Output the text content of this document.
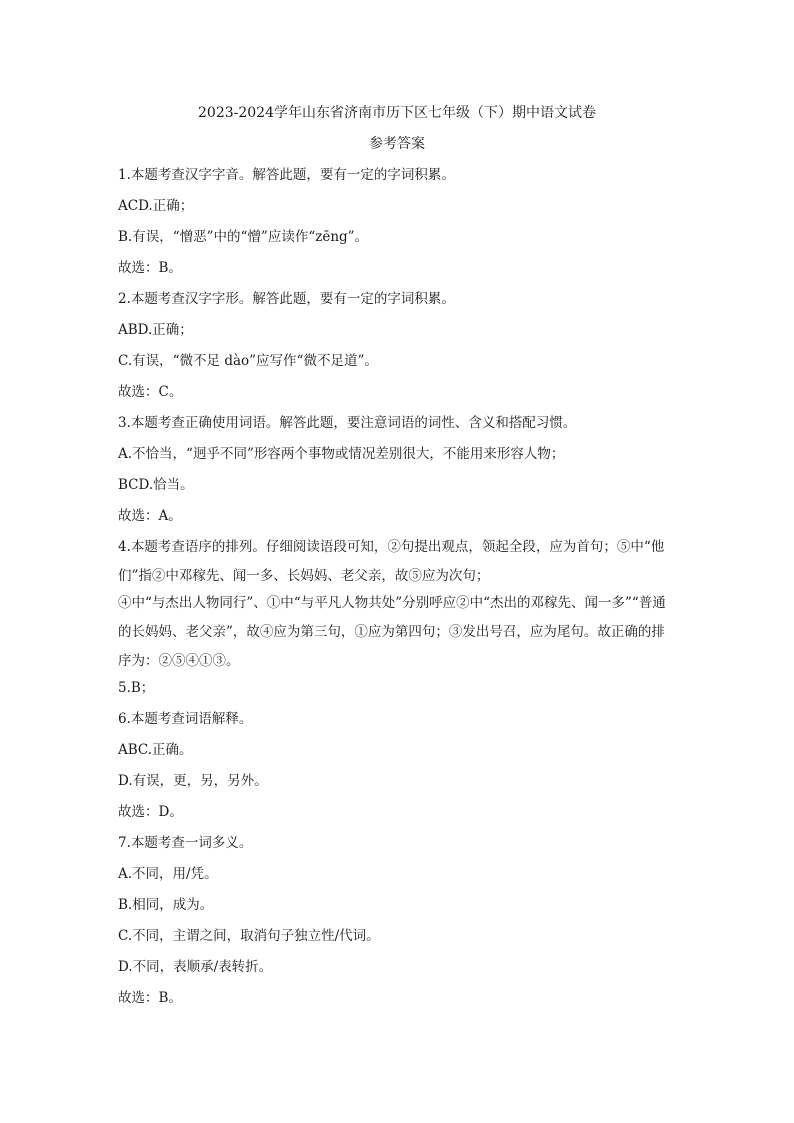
2023-2024学年山东省济南市历下区七年级（下）期中语文试卷
参考答案
1.本题考查汉字字音。解答此题，要有一定的字词积累。
ACD.正确；
B.有误，“憎恶”中的“憎”应读作“zēng”。
故选：B。
2.本题考查汉字字形。解答此题，要有一定的字词积累。
ABD.正确；
C.有误，“微不足 dào”应写作“微不足道”。
故选：C。
3.本题考查正确使用词语。解答此题，要注意词语的词性、含义和搭配习惯。
A.不恰当，“迥乎不同”形容两个事物或情况差别很大，不能用来形容人物；
BCD.恰当。
故选：A。
4.本题考查语序的排列。仔细阅读语段可知，②句提出观点，领起全段，应为首句；⑤中“他们”指②中邓稼先、闻一多、长妈妈、老父亲，故⑤应为次句；
④中“与杰出人物同行”、①中“与平凡人物共处”分别呼应②中“杰出的邓稼先、闻一多”“普通的长妈妈、老父亲”，故④应为第三句，①应为第四句；③发出号召，应为尾句。故正确的排序为：②⑤④①③。
5.B；
6.本题考查词语解释。
ABC.正确。
D.有误，更，另，另外。
故选：D。
7.本题考查一词多义。
A.不同，用/凭。
B.相同，成为。
C.不同，主谓之间，取消句子独立性/代词。
D.不同，表顺承/表转折。
故选：B。
